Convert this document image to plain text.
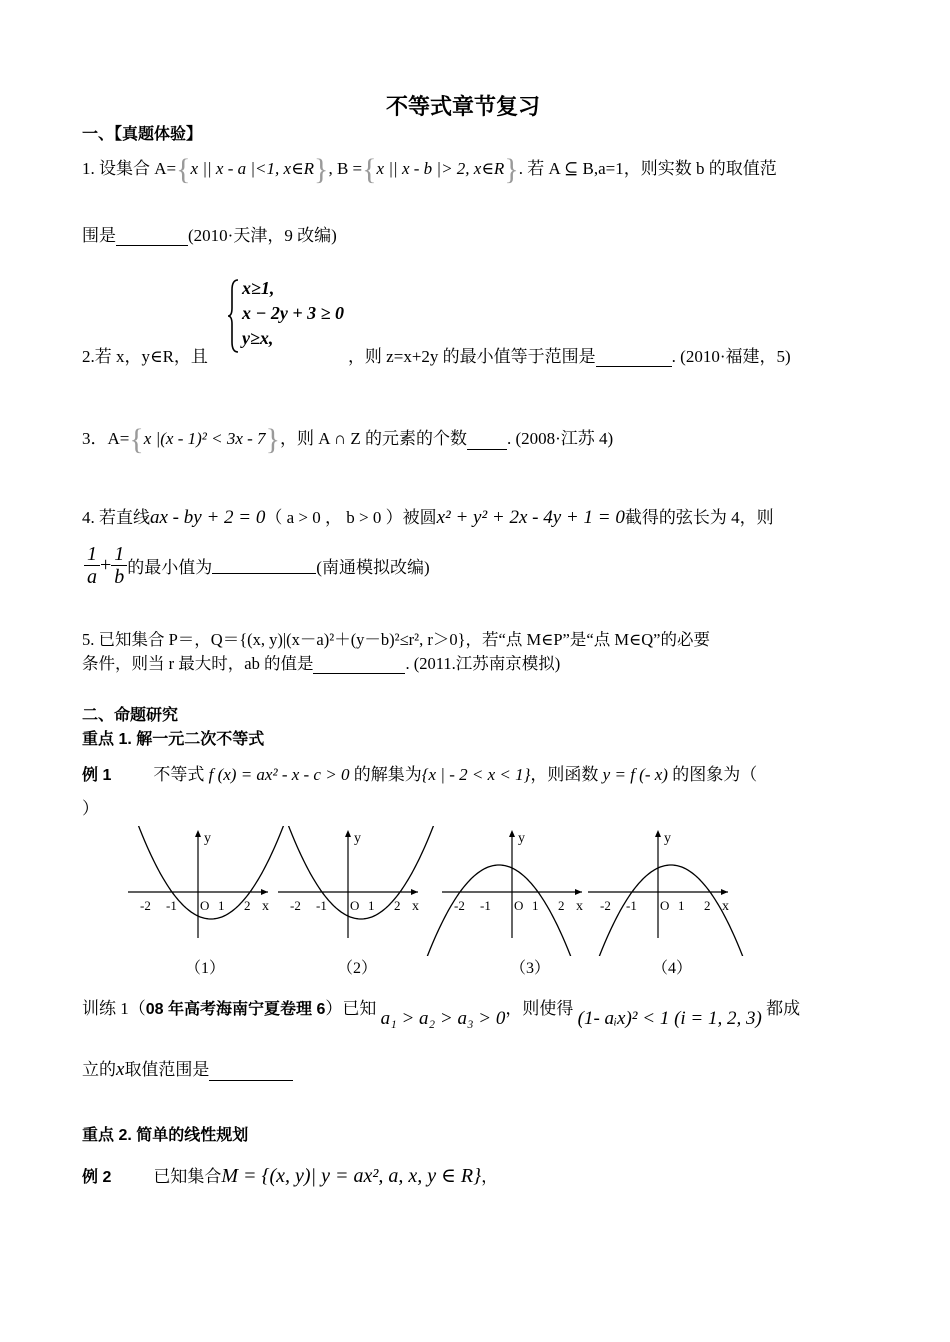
不等式章节复习
一、【真题体验】
1. 设集合 A={x || x - a |<1, x∈R}, B ={x || x - b |> 2, x∈R}. 若 A ⊆ B,a=1，则实数 b 的取值范
围是	(2010·天津，9 改编)
x≥1,
x − 2y + 3 ≥ 0
y≥x,
2.若 x，y∈R，且	，则 z=x+2y 的最小值等于范围是	. (2010·福建，5)
3．A={x |(x - 1)² < 3x - 7}，则 A ∩ Z 的元素的个数 . (2008·江苏 4)
4. 若直线ax - by + 2 = 0（ a > 0 ， b > 0 ）被圆x² + y² + 2x - 4y + 1 = 0截得的弦长为 4，则
$\frac{1}{a} + \frac{1}{b}$ 的最小值为	(南通模拟改编)
5. 已知集合 P＝，Q＝{(x, y)|(x－a)²＋(y－b)²≤r², r＞0}，若“点 M∈P”是“点 M∈Q”的必要
条件，则当 r 最大时，ab 的值是	. (2011.江苏南京模拟)
二、命题研究
重点 1. 解一元二次不等式
例 1 不等式 f (x) = ax² - x - c > 0 的解集为{x | - 2 < x < 1}，则函数 y = f (- x) 的图象为（
）
y
x
-2 -1 O 1 2
y
x
-2 -1 O 1 2
y
x
-2 -1 O 1 2
y
x
-2 -1 O 1 2
（1）	（2）	（3）	（4）
训练 1（08 年高考海南宁夏卷理 6）已知 a₁ > a₂ > a₃ > 0，则使得 (1- aᵢx)² < 1 (i = 1, 2, 3) 都成
立的x取值范围是
重点 2. 简单的线性规划
例 2 已知集合M = {(x, y)| y = ax², a, x, y ∈ R}，
